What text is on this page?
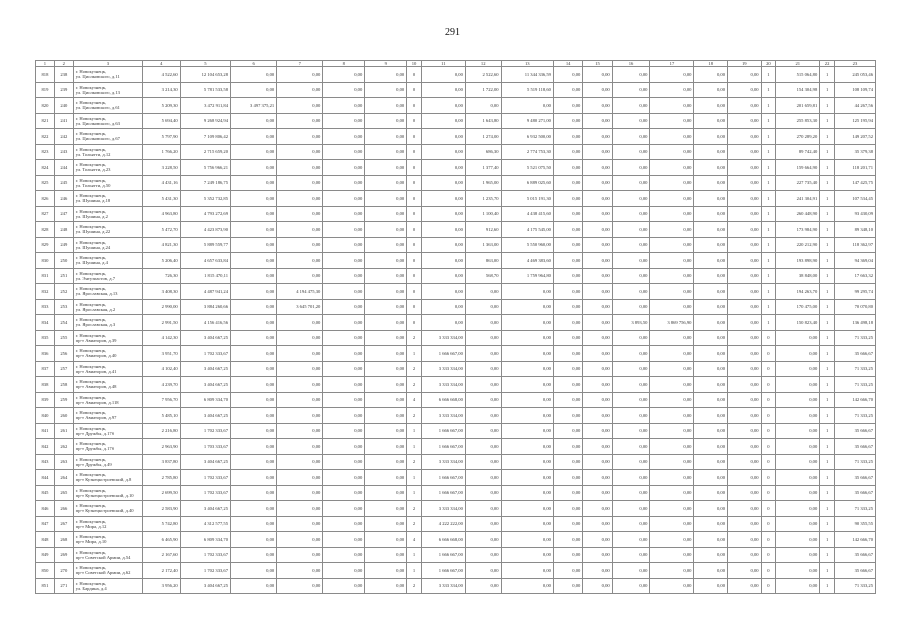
291
1	2	3	4	5	6	7	8	9	10	11	12	13	14	15	16	17	18	19	20	21	22	23
818	238	г. Новокузнецк,
ул. Циолковского, д.11	4 522,60	12 104 653,28	0,00	0,00	0,00	0,00	0	0,00	2 522,60	11 344 336,59	0,00	0,00	0,00	0,00	0,00	0,00	1	515 064,80	1	245 053,46
819	239	г. Новокузнецк,
ул. Циолковского, д.13	3 214,30	5 781 533,58	0,00	0,00	0,00	0,00	0	0,00	1 722,00	5 519 118,60	0,00	0,00	0,00	0,00	0,00	0,00	1	154 304,98	1	108 109,74
820	240	г. Новокузнецк,
ул. Циолковского, д.61	5 209,30	3 472 911,84	3 497 375,21	0,00	0,00	0,00	0	0,00	0,00	0,00	0,00	0,00	0,00	0,00	0,00	0,00	1	201 659,81	1	44 267,56
821	241	г. Новокузнецк,
ул. Циолковского, д.63	5 694,40	9 268 924,94	0,00	0,00	0,00	0,00	0	0,00	1 643,80	9 480 271,00	0,00	0,00	0,00	0,00	0,00	0,00	1	255 853,30	1	125 195,94
822	242	г. Новокузнецк,
ул. Циолковского, д.67	5 797,90	7 109 806,42	0,00	0,00	0,00	0,00	0	0,00	1 274,00	6 932 500,00	0,00	0,00	0,00	0,00	0,00	0,00	1	270 289,20	1	149 207,52
823	243	г. Новокузнецк,
ул. Тольятти, д.12	1 766,20	2 715 659,20	0,00	0,00	0,00	0,00	0	0,00	686,30	2 774 753,30	0,00	0,00	0,00	0,00	0,00	0,00	1	89 742,40	1	35 379,38
824	244	г. Новокузнецк,
ул. Тольятти, д.23	3 228,50	5 756 966,21	0,00	0,00	0,00	0,00	0	0,00	1 377,40	5 521 075,50	0,00	0,00	0,00	0,00	0,00	0,00	1	159 664,90	1	118 201,71
825	245	г. Новокузнецк,
ул. Тольятти, д.50	4 431,16	7 249 186,75	0,00	0,00	0,00	0,00	0	0,00	1 965,00	6 889 025,60	0,00	0,00	0,00	0,00	0,00	0,00	1	227 735,40	1	147 425,75
826	246	г. Новокузнецк,
ул. Шушина, д.18	5 431,30	5 352 732,85	0,00	0,00	0,00	0,00	0	0,00	1 235,70	5 015 191,30	0,00	0,00	0,00	0,00	0,00	0,00	1	241 304,91	1	107 534,45
827	247	г. Новокузнецк,
ул. Шушина, д.2	4 963,80	4 793 272,69	0,00	0,00	0,00	0,00	0	0,00	1 100,40	4 438 415,60	0,00	0,00	0,00	0,00	0,00	0,00	1	260 448,90	1	93 430,09
828	248	г. Новокузнецк,
ул. Шушина, д.22	5 472,70	4 423 873,90	0,00	0,00	0,00	0,00	0	0,00	912,60	4 175 545,00	0,00	0,00	0,00	0,00	0,00	0,00	1	173 984,90	1	89 348,10
829	249	г. Новокузнецк,
ул. Шушина, д.24	4 821,30	5 889 559,77	0,00	0,00	0,00	0,00	0	0,00	1 363,00	5 550 960,00	0,00	0,00	0,00	0,00	0,00	0,00	1	220 212,90	1	118 362,97
830	250	г. Новокузнецк,
ул. Шушина, д.4	5 206,40	4 657 633,84	0,00	0,00	0,00	0,00	0	0,00	863,00	4 469 383,60	0,00	0,00	0,00	0,00	0,00	0,00	1	193 898,90	1	94 369,04
831	251	г. Новокузнецк,
ул. Энтузиастов, д.7	726,30	1 815 470,11	0,00	0,00	0,00	0,00	0	0,00	568,70	1 759 964,80	0,00	0,00	0,00	0,00	0,00	0,00	1	38 848,00	1	17 663,32
832	252	г. Новокузнецк,
ул. Ярославская, д.13	3 408,30	4 487 941,24	0,00	4 194 475,30	0,00	0,00	0	0,00	0,00	0,00	0,00	0,00	0,00	0,00	0,00	0,00	1	194 263,70	1	99 295,74
833	253	г. Новокузнецк,
ул. Ярославская, д.2	2 990,00	3 884 260,66	0,00	3 645 701,20	0,00	0,00	0	0,00	0,00	0,00	0,00	0,00	0,00	0,00	0,00	0,00	1	170 475,00	1	70 070,80
834	254	г. Новокузнецк,
ул. Ярославская, д.3	2 991,50	4 156 416,56	0,00	0,00	0,00	0,00	0	0,00	0,00	0,00	0,00	0,00	3 893,50	3 869 756,90	0,00	0,00	1	150 823,40	1	136 498,18
835	255	г. Новокузнецк,
пр-т Авиаторов, д.39	4 142,30	3 404 667,25	0,00	0,00	0,00	0,00	2	3 333 334,00	0,00	0,00	0,00	0,00	0,00	0,00	0,00	0,00	0	0,00	1	71 333,25
836	256	г. Новокузнецк,
пр-т Авиаторов, д.40	3 951,70	1 702 333,67	0,00	0,00	0,00	0,00	1	1 666 667,00	0,00	0,00	0,00	0,00	0,00	0,00	0,00	0,00	0	0,00	1	35 666,67
837	257	г. Новокузнецк,
пр-т Авиаторов, д.41	4 102,40	3 404 667,25	0,00	0,00	0,00	0,00	2	3 333 334,00	0,00	0,00	0,00	0,00	0,00	0,00	0,00	0,00	0	0,00	1	71 333,25
838	258	г. Новокузнецк,
пр-т Авиаторов, д.48	4 239,70	3 404 667,25	0,00	0,00	0,00	0,00	2	3 333 334,00	0,00	0,00	0,00	0,00	0,00	0,00	0,00	0,00	0	0,00	1	71 333,25
839	259	г. Новокузнецк,
пр-т Авиаторов, д.118	7 956,70	6 809 334,70	0,00	0,00	0,00	0,00	4	6 666 668,00	0,00	0,00	0,00	0,00	0,00	0,00	0,00	0,00	0	0,00	1	142 666,70
840	260	г. Новокузнецк,
пр-т Авиаторов, д.97	5 485,10	3 404 667,25	0,00	0,00	0,00	0,00	2	3 333 334,00	0,00	0,00	0,00	0,00	0,00	0,00	0,00	0,00	0	0,00	1	71 333,25
841	261	г. Новокузнецк,
пр-т Дружбы, д.17б	2 216,80	1 702 333,67	0,00	0,00	0,00	0,00	1	1 666 667,00	0,00	0,00	0,00	0,00	0,00	0,00	0,00	0,00	0	0,00	1	35 666,67
842	262	г. Новокузнецк,
пр-т Дружбы, д.17б	2 963,90	1 703 333,67	0,00	0,00	0,00	0,00	1	1 666 667,00	0,00	0,00	0,00	0,00	0,00	0,00	0,00	0,00	0	0,00	1	35 666,67
843	263	г. Новокузнецк,
пр-т Дружбы, д.49	3 837,80	3 404 667,25	0,00	0,00	0,00	0,00	2	3 333 334,00	0,00	0,00	0,00	0,00	0,00	0,00	0,00	0,00	0	0,00	1	71 333,25
844	264	г. Новокузнецк,
пр-т Кузнецкстроевский, д.8	2 785,80	1 702 333,67	0,00	0,00	0,00	0,00	1	1 666 667,00	0,00	0,00	0,00	0,00	0,00	0,00	0,00	0,00	0	0,00	1	35 666,67
845	265	г. Новокузнецк,
пр-т Кузнецкстроевский, д.10	2 699,50	1 702 333,67	0,00	0,00	0,00	0,00	1	1 666 667,00	0,00	0,00	0,00	0,00	0,00	0,00	0,00	0,00	0	0,00	1	35 666,67
846	266	г. Новокузнецк,
пр-т Кузнецкстроевский, д.40	2 583,90	3 404 667,25	0,00	0,00	0,00	0,00	2	3 333 334,00	0,00	0,00	0,00	0,00	0,00	0,00	0,00	0,00	0	0,00	1	71 333,25
847	267	г. Новокузнецк,
пр-т Мира, д.12	5 742,80	4 312 577,55	0,00	0,00	0,00	0,00	2	4 222 222,00	0,00	0,00	0,00	0,00	0,00	0,00	0,00	0,00	0	0,00	1	90 355,55
848	268	г. Новокузнецк,
пр-т Мира, д.10	6 465,90	6 809 334,70	0,00	0,00	0,00	0,00	4	6 666 668,00	0,00	0,00	0,00	0,00	0,00	0,00	0,00	0,00	0	0,00	1	142 666,70
849	269	г. Новокузнецк,
пр-т Советской Армии, д.54	2 167,60	1 702 333,67	0,00	0,00	0,00	0,00	1	1 666 667,00	0,00	0,00	0,00	0,00	0,00	0,00	0,00	0,00	0	0,00	1	35 666,67
850	270	г. Новокузнецк,
пр-т Советской Армии, д.62	2 172,40	1 702 333,67	0,00	0,00	0,00	0,00	1	1 666 667,00	0,00	0,00	0,00	0,00	0,00	0,00	0,00	0,00	0	0,00	1	35 666,67
851	271	г. Новокузнецк,
ул. Бардина, д.4	3 956,20	3 404 667,25	0,00	0,00	0,00	0,00	2	3 333 334,00	0,00	0,00	0,00	0,00	0,00	0,00	0,00	0,00	0	0,00	1	71 333,25
